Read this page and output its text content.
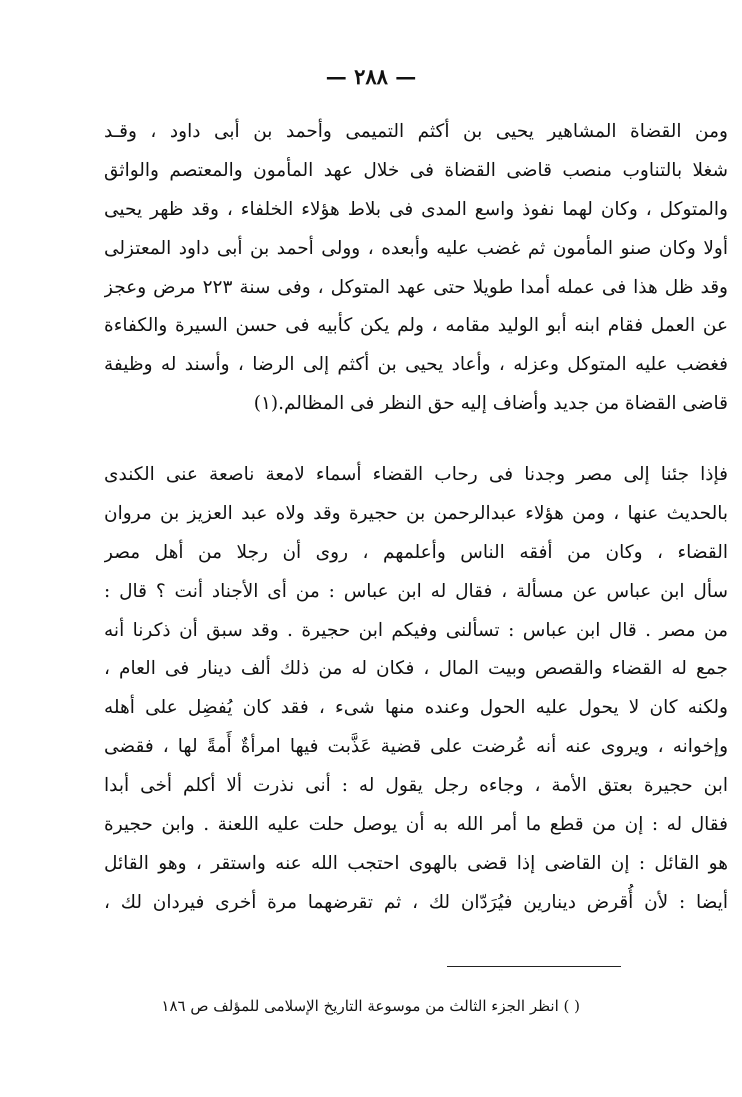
— ٢٨٨ —
ومن القضاة المشاهير يحيى بن أكثم التميمى وأحمد بن أبى داود ، وقـد
شغلا بالتناوب منصب قاضى القضاة فى خلال عهد المأمون والمعتصم والواثق
والمتوكل ، وكان لهما نفوذ واسع المدى فى بلاط هؤلاء الخلفاء ، وقد ظهر يحيى
أولا وكان صنو المأمون ثم غضب عليه وأبعده ، وولى أحمد بن أبى داود المعتزلى
وقد ظل هذا فى عمله أمدا طويلا حتى عهد المتوكل ، وفى سنة ٢٢٣ مرض وعجز
عن العمل فقام ابنه أبو الوليد مقامه ، ولم يكن كأبيه فى حسن السيرة والكفاءة
فغضب عليه المتوكل وعزله ، وأعاد يحيى بن أكثم إلى الرضا ، وأسند له وظيفة
قاضى القضاة من جديد وأضاف إليه حق النظر فى المظالم.(١)
فإذا جئنا إلى مصر وجدنا فى رحاب القضاء أسماء لامعة ناصعة عنى الكندى
بالحديث عنها ، ومن هؤلاء عبدالرحمن بن حجيرة وقد ولاه عبد العزيز بن مروان
القضاء ، وكان من أفقه الناس وأعلمهم ، روى أن رجلا من أهل مصر
سأل ابن عباس عن مسألة ، فقال له ابن عباس : من أى الأجناد أنت ؟ قال :
من مصر . قال ابن عباس : تسألنى وفيكم ابن حجيرة . وقد سبق أن ذكرنا أنه
جمع له القضاء والقصص وبيت المال ، فكان له من ذلك ألف دينار فى العام ،
ولكنه كان لا يحول عليه الحول وعنده منها شىء ، فقد كان يُفضِل على أهله
وإخوانه ، ويروى عنه أنه عُرضت على قضية عَذَّبت فيها امرأةٌ أَمةً لها ، فقضى
ابن حجيرة بعتق الأمة ، وجاءه رجل يقول له : أنى نذرت ألا أكلم أخى أبدا
فقال له : إن من قطع ما أمر الله به أن يوصل حلت عليه اللعنة . وابن حجيرة
هو القائل : إن القاضى إذا قضى بالهوى احتجب الله عنه واستقر ، وهو القائل
أيضا : لأن أُقرض دينارين فيُرَدّان لك ، ثم تقرضهما مرة أخرى فيردان لك ،
( ) انظر الجزء الثالث من موسوعة التاريخ الإسلامى للمؤلف ص ١٨٦
